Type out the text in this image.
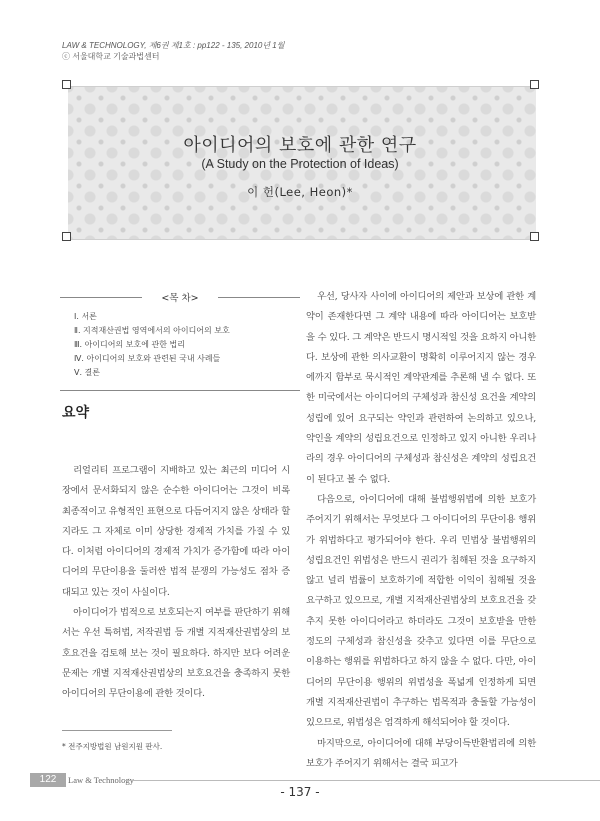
LAW & TECHNOLOGY, 제6권 제1호 : pp122 - 135, 2010년 1월
ⓒ 서울대학교 기술과법센터
아이디어의 보호에 관한 연구
(A Study on the Protection of Ideas)
이 헌(Lee, Heon)*
<목 차>
Ⅰ. 서론
Ⅱ. 지적재산권법 영역에서의 아이디어의 보호
Ⅲ. 아이디어의 보호에 관한 법리
Ⅳ. 아이디어의 보호와 관련된 국내 사례들
Ⅴ. 결론
요약

리얼리티 프로그램이 지배하고 있는 최근의 미디어 시장에서 문서화되지 않은 순수한 아이디어는 그것이 비록 최종적이고 유형적인 표현으로 다듬어지지 않은 상태라 할지라도 그 자체로 이미 상당한 경제적 가치를 가질 수 있다. 이처럼 아이디어의 경제적 가치가 증가함에 따라 아이디어의 무단이용을 둘러싼 법적 분쟁의 가능성도 점차 증대되고 있는 것이 사실이다.

아이디어가 법적으로 보호되는지 여부를 판단하기 위해서는 우선 특허법, 저작권법 등 개별 지적재산권법상의 보호요건을 검토해 보는 것이 필요하다. 하지만 보다 어려운 문제는 개별 지적재산권법상의 보호요건을 충족하지 못한 아이디어의 무단이용에 관한 것이다.

우선, 당사자 사이에 아이디어의 제안과 보상에 관한 계약이 존재한다면 그 계약 내용에 따라 아이디어는 보호받을 수 있다. 그 계약은 반드시 명시적일 것을 요하지 아니한다. 보상에 관한 의사교환이 명확히 이루어지지 않는 경우에까지 함부로 묵시적인 계약관계를 추론해 낼 수 없다. 또한 미국에서는 아이디어의 구체성과 참신성 요건을 계약의 성립에 있어 요구되는 약인과 관련하여 논의하고 있으나, 약인을 계약의 성립요건으로 인정하고 있지 아니한 우리나라의 경우 아이디어의 구체성과 참신성은 계약의 성립요건이 된다고 볼 수 없다.

다음으로, 아이디어에 대해 불법행위법에 의한 보호가 주어지기 위해서는 무엇보다 그 아이디어의 무단이용 행위가 위법하다고 평가되어야 한다. 우리 민법상 불법행위의 성립요건인 위법성은 반드시 권리가 침해된 것을 요구하지 않고 널리 법률이 보호하기에 적합한 이익이 침해될 것을 요구하고 있으므로, 개별 지적재산권법상의 보호요건을 갖추지 못한 아이디어라고 하더라도 그것이 보호받을 만한 정도의 구체성과 참신성을 갖추고 있다면 이를 무단으로 이용하는 행위를 위법하다고 하지 않을 수 없다. 다만, 아이디어의 무단이용 행위의 위법성을 폭넓게 인정하게 되면 개별 지적재산권법이 추구하는 법목적과 충돌할 가능성이 있으므로, 위법성은 엄격하게 해석되어야 할 것이다.

마지막으로, 아이디어에 대해 부당이득반환법리에 의한 보호가 주어지기 위해서는 결국 피고가

* 전주지방법원 남원지원 판사.
122	Law & Technology
- 137 -
